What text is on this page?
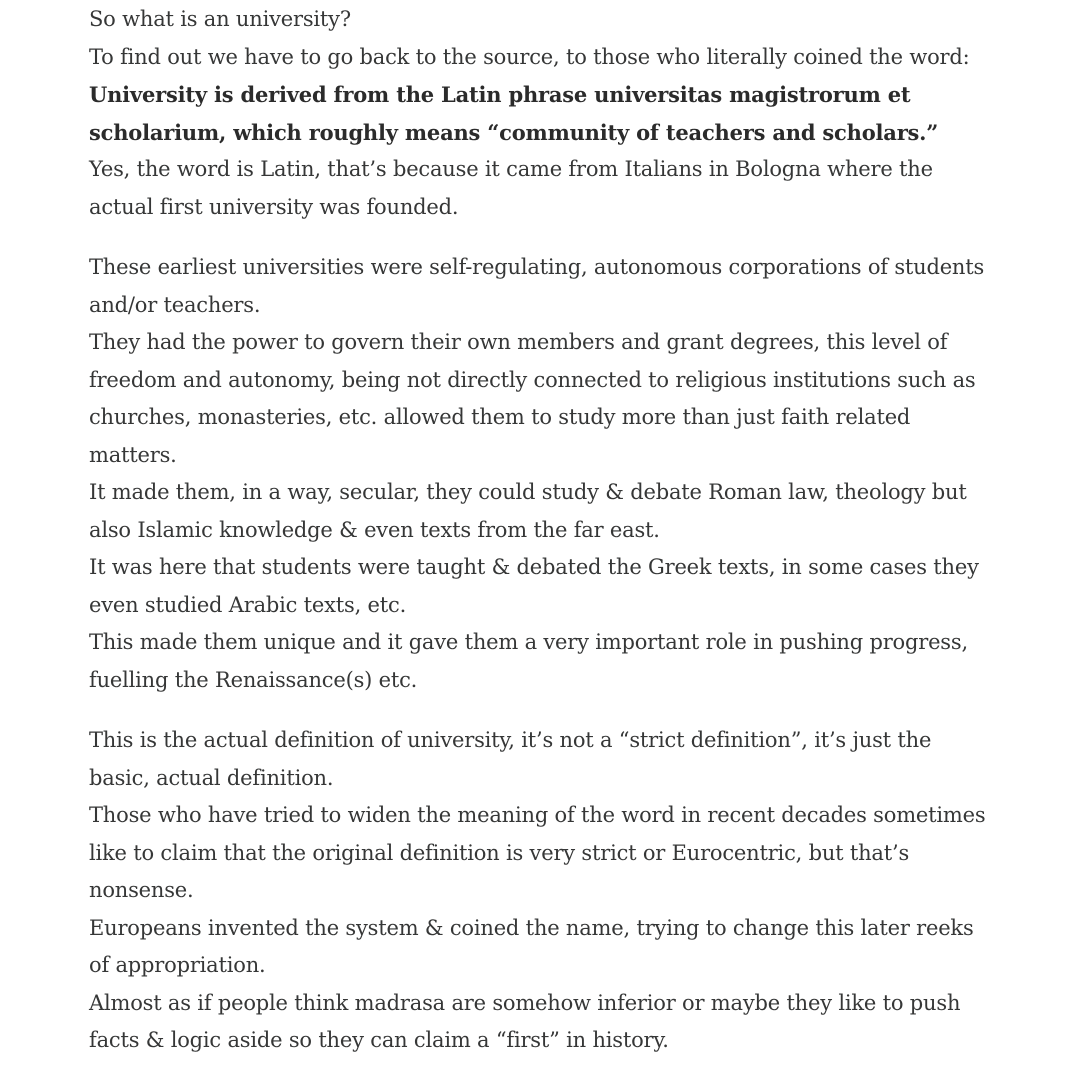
So what is an university?

To find out we have to go back to the source, to those who literally coined the word:

University is derived from the Latin phrase universitas magistrorum et scholarium, which roughly means “community of teachers and scholars.”

Yes, the word is Latin, that’s because it came from Italians in Bologna where the actual first university was founded.

These earliest universities were self-regulating, autonomous corporations of students and/or teachers.

They had the power to govern their own members and grant degrees, this level of freedom and autonomy, being not directly connected to religious institutions such as churches, monasteries, etc. allowed them to study more than just faith related matters.

It made them, in a way, secular, they could study & debate Roman law, theology but also Islamic knowledge & even texts from the far east.

It was here that students were taught & debated the Greek texts, in some cases they even studied Arabic texts, etc.

This made them unique and it gave them a very important role in pushing progress, fuelling the Renaissance(s) etc.

This is the actual definition of university, it’s not a “strict definition”, it’s just the basic, actual definition.

Those who have tried to widen the meaning of the word in recent decades sometimes like to claim that the original definition is very strict or Eurocentric, but that’s nonsense.

Europeans invented the system & coined the name, trying to change this later reeks of appropriation.

Almost as if people think madrasa are somehow inferior or maybe they like to push facts & logic aside so they can claim a “first” in history.
